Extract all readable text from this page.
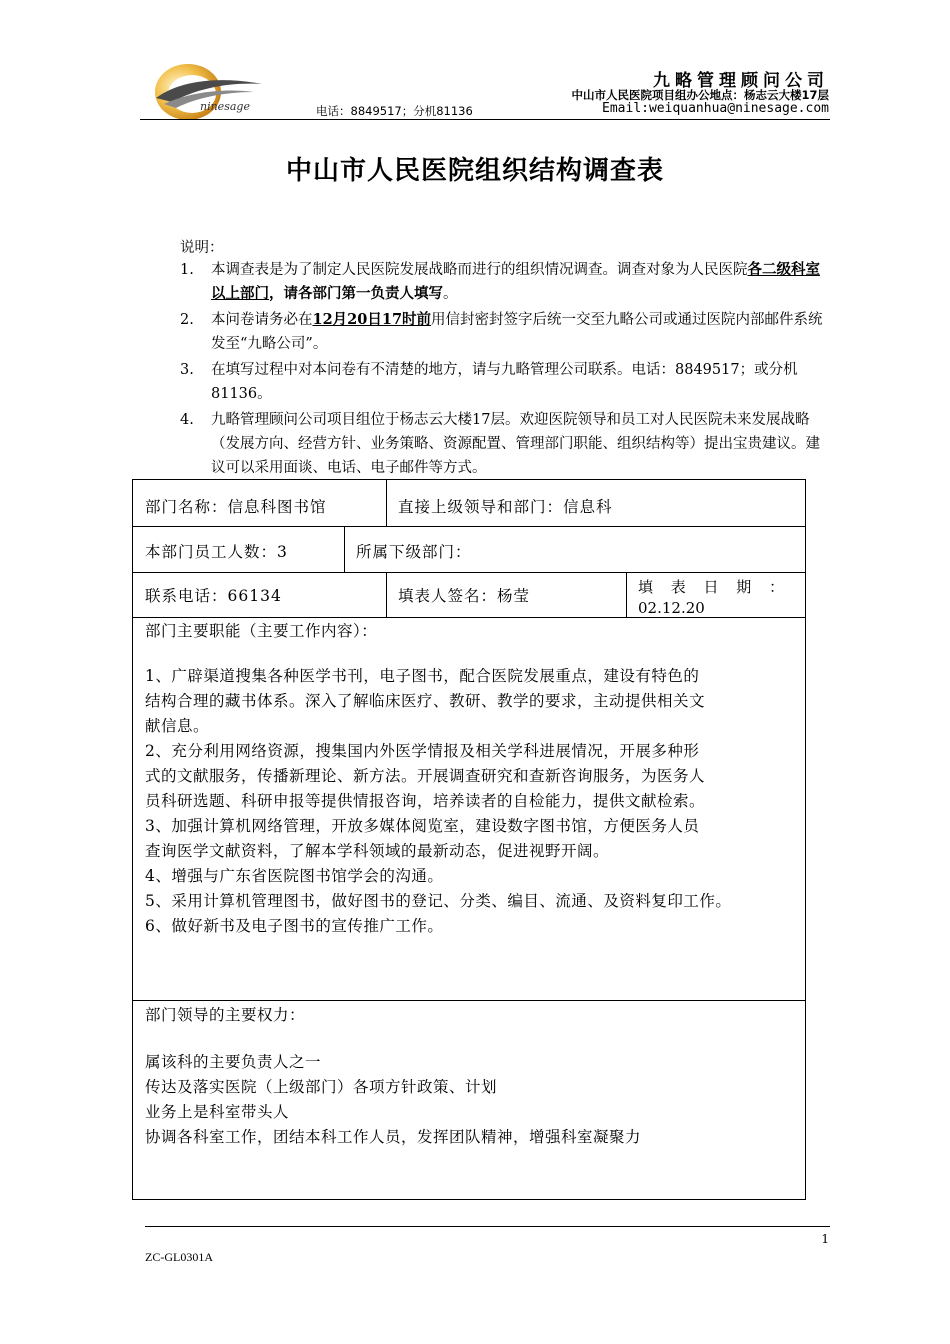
ninesage
九略管理顾问公司
中山市人民医院项目组办公地点：杨志云大楼17层
电话：8849517；分机81136	Email:weiquanhua@ninesage.com
中山市人民医院组织结构调查表
说明：
1.	本调查表是为了制定人民医院发展战略而进行的组织情况调查。调查对象为人民医院各二级科室以上部门，请各部门第一负责人填写。
2.	本问卷请务必在12月20日17时前用信封密封签字后统一交至九略公司或通过医院内部邮件系统发至“九略公司”。
3.	在填写过程中对本问卷有不清楚的地方，请与九略管理公司联系。电话：8849517；或分机81136。
4.	九略管理顾问公司项目组位于杨志云大楼17层。欢迎医院领导和员工对人民医院未来发展战略（发展方向、经营方针、业务策略、资源配置、管理部门职能、组织结构等）提出宝贵建议。建议可以采用面谈、电话、电子邮件等方式。
部门名称：信息科图书馆	直接上级领导和部门：信息科
本部门员工人数：3	所属下级部门：
联系电话：66134	填表人签名：杨莹	填 表 日 期 ：
02.12.20
部门主要职能（主要工作内容）：
1、广辟渠道搜集各种医学书刊，电子图书，配合医院发展重点，建设有特色的
结构合理的藏书体系。深入了解临床医疗、教研、教学的要求，主动提供相关文
献信息。
2、充分利用网络资源，搜集国内外医学情报及相关学科进展情况，开展多种形
式的文献服务，传播新理论、新方法。开展调查研究和查新咨询服务，为医务人
员科研选题、科研申报等提供情报咨询，培养读者的自检能力，提供文献检索。
3、加强计算机网络管理，开放多媒体阅览室，建设数字图书馆，方便医务人员
查询医学文献资料，了解本学科领域的最新动态，促进视野开阔。
4、增强与广东省医院图书馆学会的沟通。
5、采用计算机管理图书，做好图书的登记、分类、编目、流通、及资料复印工作。
6、做好新书及电子图书的宣传推广工作。
部门领导的主要权力：
属该科的主要负责人之一
传达及落实医院（上级部门）各项方针政策、计划
业务上是科室带头人
协调各科室工作，团结本科工作人员，发挥团队精神，增强科室凝聚力
1
ZC-GL0301A
